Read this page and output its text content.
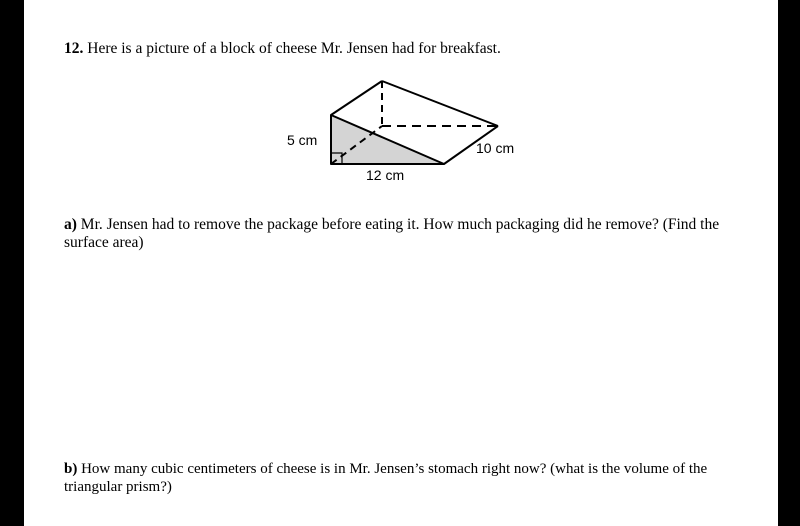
12. Here is a picture of a block of cheese Mr. Jensen had for breakfast.
5 cm
12 cm
10 cm
a) Mr. Jensen had to remove the package before eating it. How much packaging did he remove? (Find the surface area)
b) How many cubic centimeters of cheese is in Mr. Jensen’s stomach right now? (what is the volume of the triangular prism?)
